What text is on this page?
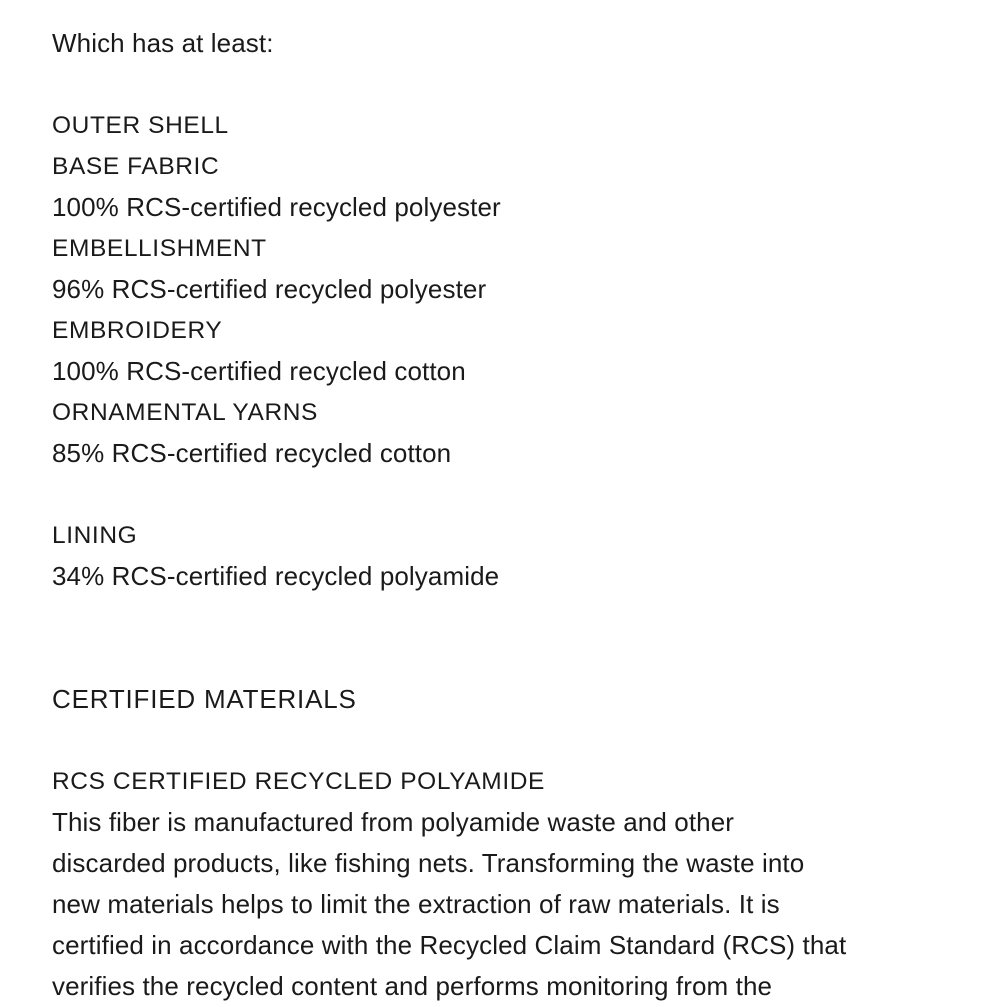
Which has at least:
OUTER SHELL
BASE FABRIC
100% RCS-certified recycled polyester
EMBELLISHMENT
96% RCS-certified recycled polyester
EMBROIDERY
100% RCS-certified recycled cotton
ORNAMENTAL YARNS
85% RCS-certified recycled cotton
LINING
34% RCS-certified recycled polyamide
CERTIFIED MATERIALS
RCS CERTIFIED RECYCLED POLYAMIDE
This fiber is manufactured from polyamide waste and other
discarded products, like fishing nets. Transforming the waste into
new materials helps to limit the extraction of raw materials. It is
certified in accordance with the Recycled Claim Standard (RCS) that
verifies the recycled content and performs monitoring from the
